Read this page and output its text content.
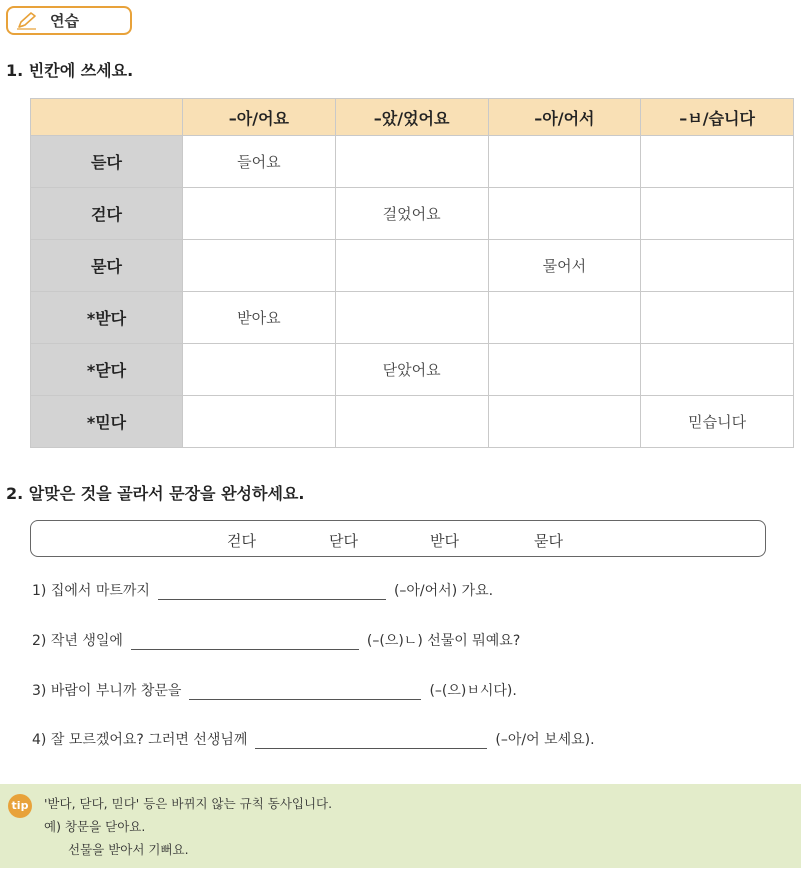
연습
1. 빈칸에 쓰세요.
	–아/어요	–았/었어요	–아/어서	–ㅂ/습니다
듣다	들어요			
걷다		걸었어요		
묻다			물어서	
*받다	받아요			
*닫다		닫았어요		
*믿다				믿습니다
2. 알맞은 것을 골라서 문장을 완성하세요.
걷다	닫다	받다	묻다
1) 집에서 마트까지	(–아/어서) 가요.
2) 작년 생일에	(–(으)ㄴ) 선물이 뭐예요?
3) 바람이 부니까 창문을	(–(으)ㅂ시다).
4) 잘 모르겠어요? 그러면 선생님께	(–아/어 보세요).
tip '받다, 닫다, 믿다' 등은 바뀌지 않는 규칙 동사입니다.
예) 창문을 닫아요.
선물을 받아서 기뻐요.
